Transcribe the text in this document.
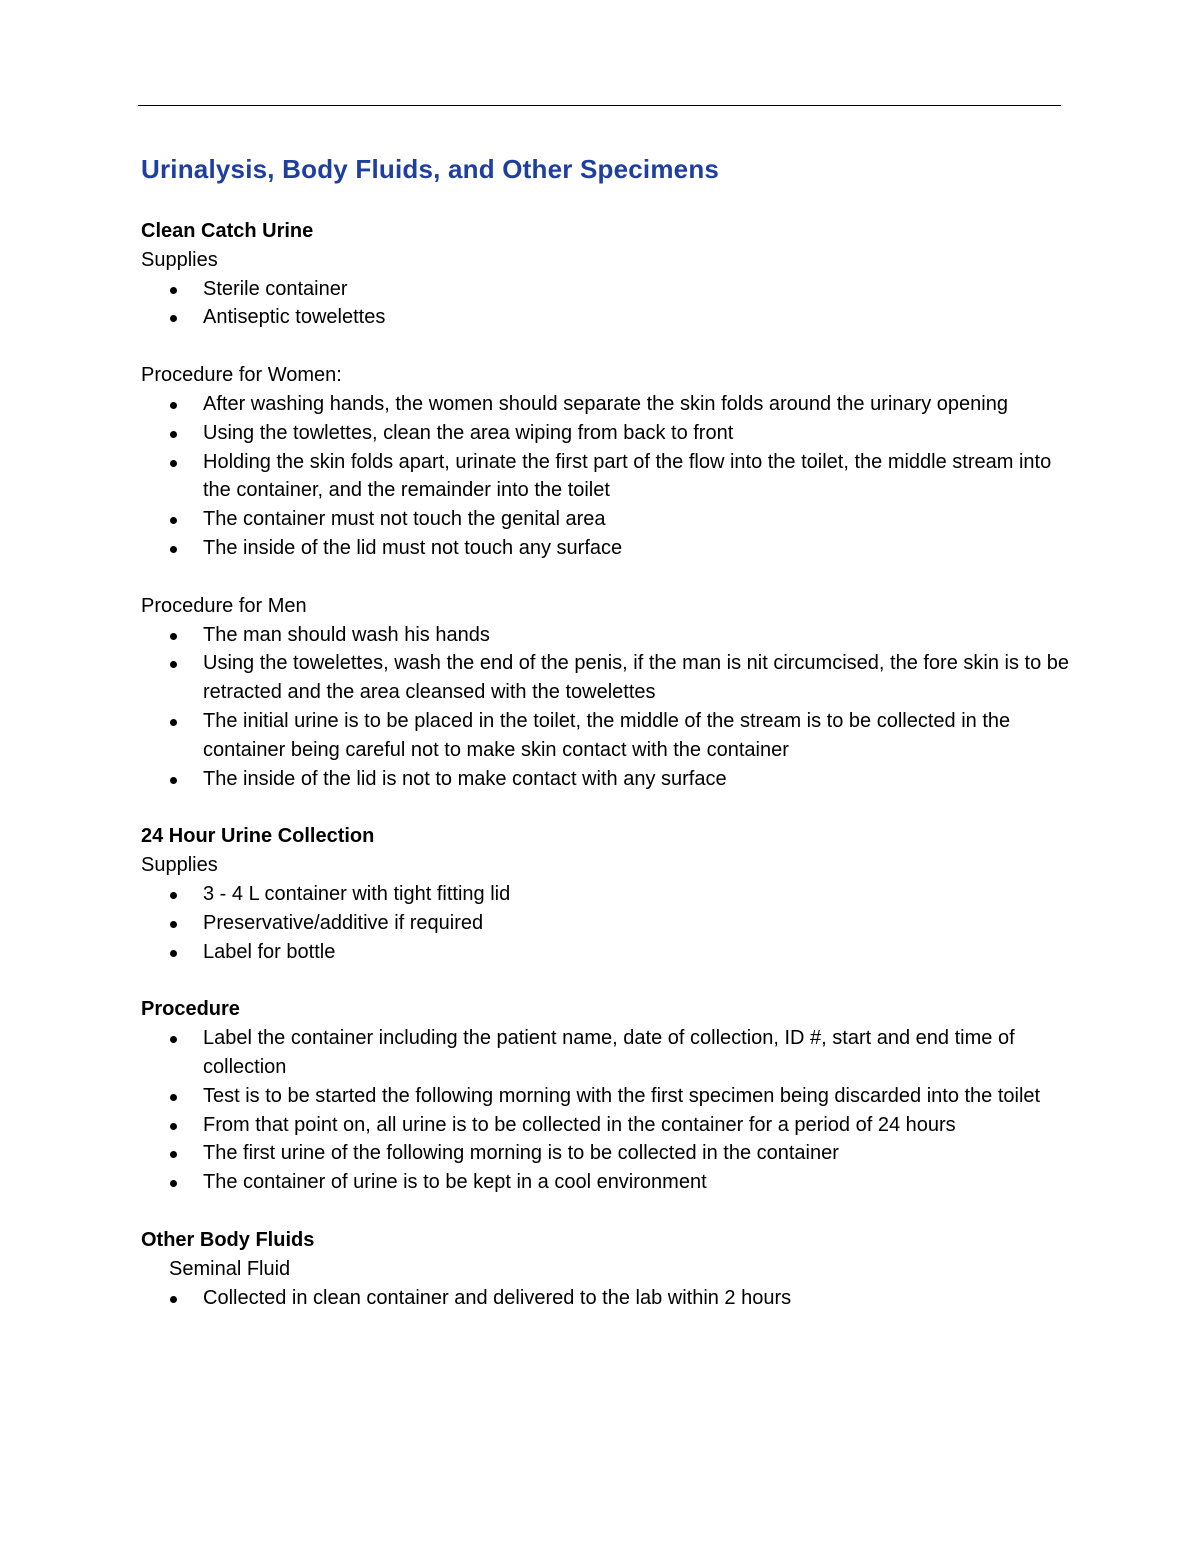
Urinalysis, Body Fluids, and Other Specimens
Clean Catch Urine
Supplies
Sterile container
Antiseptic towelettes
Procedure for Women:
After washing hands, the women should separate the skin folds around the urinary opening
Using the towlettes, clean the area wiping from back to front
Holding the skin folds apart, urinate the first part of the flow into the toilet, the middle stream into the container, and the remainder into the toilet
The container must not touch the genital area
The inside of the lid must not touch any surface
Procedure for Men
The man should wash his hands
Using the towelettes, wash the end of the penis, if the man is nit circumcised, the fore skin is to be retracted and the area cleansed with the towelettes
The initial urine is to be placed in the toilet, the middle of the stream is to be collected in the container being careful not to make skin contact with the container
The inside of the lid is not to make contact with any surface
24 Hour Urine Collection
Supplies
3 - 4 L container with tight fitting lid
Preservative/additive if required
Label for bottle
Procedure
Label the container including the patient name, date of collection, ID #, start and end time of collection
Test is to be started the following morning with the first specimen being discarded into the toilet
From that point on, all urine is to be collected in the container for a period of 24 hours
The first urine of the following morning is to be collected in the container
The container of urine is to be kept in a cool environment
Other Body Fluids
Seminal Fluid
Collected in clean container and delivered to the lab within 2 hours
